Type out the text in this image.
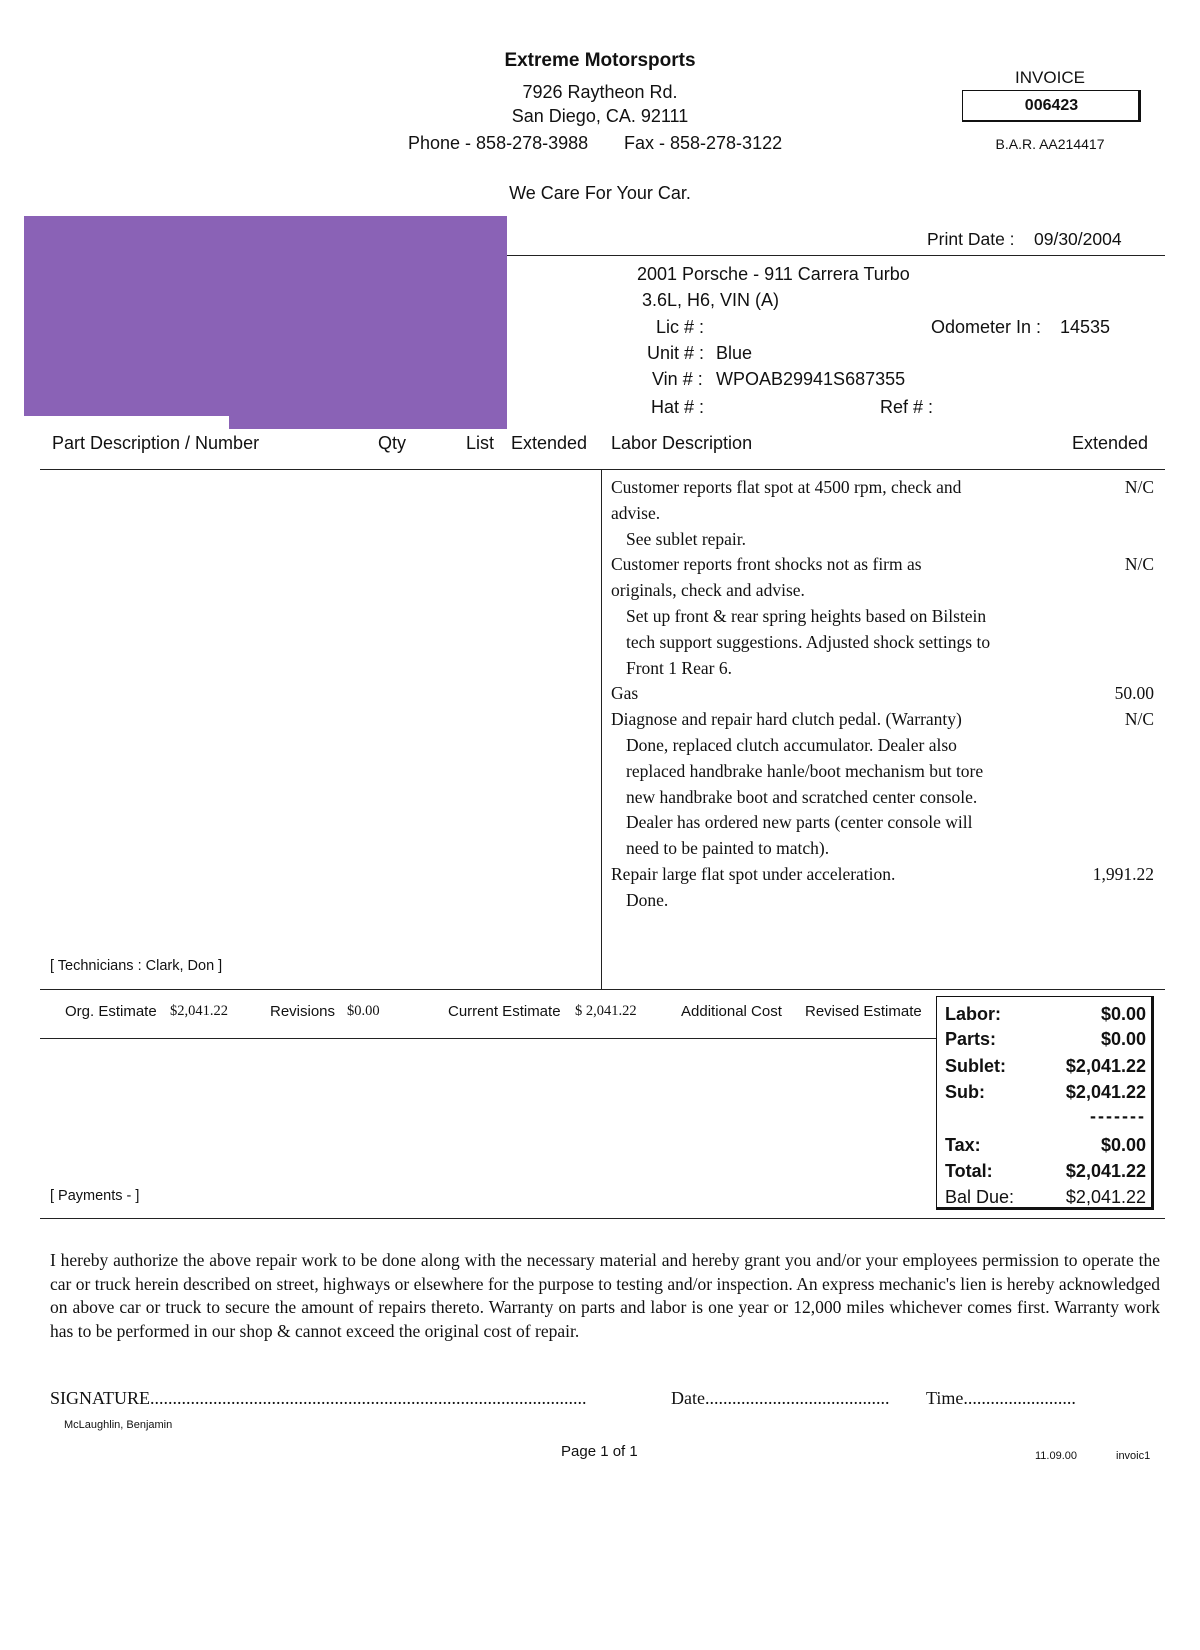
Extreme Motorsports
7926 Raytheon Rd.
San Diego, CA. 92111
Phone - 858-278-3988 Fax - 858-278-3122
We Care For Your Car.
INVOICE
006423
B.A.R. AA214417
Print Date : 09/30/2004
2001 Porsche - 911 Carrera Turbo
3.6L, H6, VIN (A)
Lic # :	Odometer In : 14535
Unit # : Blue
Vin # : WPOAB29941S687355
Hat # :	Ref # :
Part Description / Number	Qty	List Extended Labor Description	Extended
Customer reports flat spot at 4500 rpm, check and	N/C
advise.
See sublet repair.
Customer reports front shocks not as firm as	N/C
originals, check and advise.
Set up front & rear spring heights based on Bilstein
tech support suggestions. Adjusted shock settings to
Front 1 Rear 6.
Gas	50.00
Diagnose and repair hard clutch pedal. (Warranty)	N/C
Done, replaced clutch accumulator. Dealer also
replaced handbrake hanle/boot mechanism but tore
new handbrake boot and scratched center console.
Dealer has ordered new parts (center console will
need to be painted to match).
Repair large flat spot under acceleration.	1,991.22
Done.
[ Technicians : Clark, Don ]
Org. Estimate $2,041.22	Revisions $0.00	Current Estimate $ 2,041.22	Additional Cost Revised Estimate
[ Payments - ]
Labor:	$0.00
Parts:	$0.00
Sublet:	$2,041.22
Sub:	$2,041.22
-------
Tax:	$0.00
Total:	$2,041.22
Bal Due:	$2,041.22
I hereby authorize the above repair work to be done along with the necessary material and hereby grant you and/or your employees permission to operate the car or truck herein described on street, highways or elsewhere for the purpose to testing and/or inspection. An express mechanic's lien is hereby acknowledged on above car or truck to secure the amount of repairs thereto. Warranty on parts and labor is one year or 12,000 miles whichever comes first. Warranty work has to be performed in our shop & cannot exceed the original cost of repair.
SIGNATURE.................................................................................................	Date......................................... Time.........................
McLaughlin, Benjamin
Page 1 of 1	11.09.00	invoic1
